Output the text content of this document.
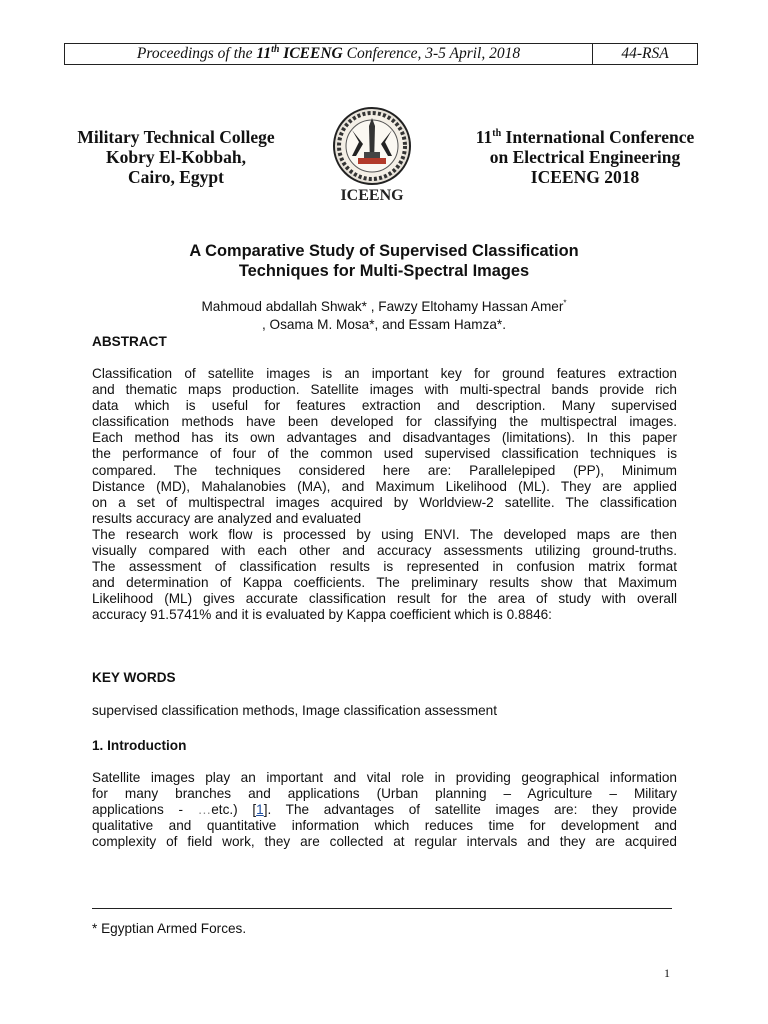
Proceedings of the 11th ICEENG Conference, 3-5 April, 2018	44-RSA
Military Technical College
Kobry El-Kobbah,
Cairo, Egypt
ICEENG
11th International Conference
on Electrical Engineering
ICEENG 2018
A Comparative Study of Supervised Classification
Techniques for Multi-Spectral Images
Mahmoud abdallah Shwak* , Fawzy Eltohamy Hassan Amer*
, Osama M. Mosa*, and Essam Hamza*.
ABSTRACT
Classification of satellite images is an important key for ground features extraction
and thematic maps production. Satellite images with multi-spectral bands provide rich
data which is useful for features extraction and description. Many supervised
classification methods have been developed for classifying the multispectral images.
Each method has its own advantages and disadvantages (limitations). In this paper
the performance of four of the common used supervised classification techniques is
compared. The techniques considered here are: Parallelepiped (PP), Minimum
Distance (MD), Mahalanobies (MA), and Maximum Likelihood (ML). They are applied
on a set of multispectral images acquired by Worldview-2 satellite. The classification
results accuracy are analyzed and evaluated
The research work flow is processed by using ENVI. The developed maps are then
visually compared with each other and accuracy assessments utilizing ground-truths.
The assessment of classification results is represented in confusion matrix format
and determination of Kappa coefficients. The preliminary results show that Maximum
Likelihood (ML) gives accurate classification result for the area of study with overall
accuracy 91.5741% and it is evaluated by Kappa coefficient which is 0.8846:
KEY WORDS
supervised classification methods, Image classification assessment
1. Introduction
Satellite images play an important and vital role in providing geographical information
for many branches and applications (Urban planning – Agriculture – Military
applications - …etc.) [1]. The advantages of satellite images are: they provide
qualitative and quantitative information which reduces time for development and
complexity of field work, they are collected at regular intervals and they are acquired
* Egyptian Armed Forces.
1
